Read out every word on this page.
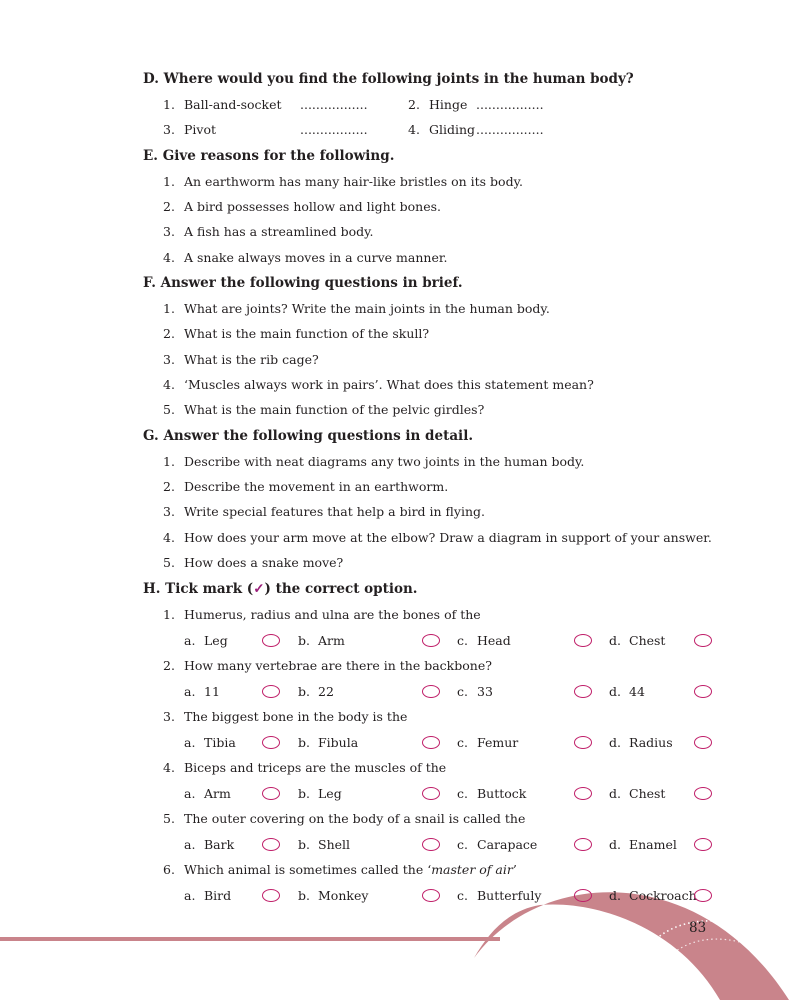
D. Where would you find the following joints in the human body?
1. Ball-and-socket .................	2. Hinge .................
3. Pivot	.................	4. Gliding .................
E. Give reasons for the following.
1. An earthworm has many hair-like bristles on its body.
2. A bird possesses hollow and light bones.
3. A fish has a streamlined body.
4. A snake always moves in a curve manner.
F. Answer the following questions in brief.
1. What are joints? Write the main joints in the human body.
2. What is the main function of the skull?
3. What is the rib cage?
4. ‘Muscles always work in pairs’. What does this statement mean?
5. What is the main function of the pelvic girdles?
G. Answer the following questions in detail.
1. Describe with neat diagrams any two joints in the human body.
2. Describe the movement in an earthworm.
3. Write special features that help a bird in flying.
4. How does your arm move at the elbow? Draw a diagram in support of your answer.
5. How does a snake move?
H. Tick mark (✓) the correct option.
1. Humerus, radius and ulna are the bones of the
a. Leg	b. Arm	c. Head	d. Chest
2. How many vertebrae are there in the backbone?
a. 11	b. 22	c. 33	d. 44
3. The biggest bone in the body is the
a. Tibia	b. Fibula	c. Femur	d. Radius
4. Biceps and triceps are the muscles of the
a. Arm	b. Leg	c. Buttock	d. Chest
5. The outer covering on the body of a snail is called the
a. Bark	b. Shell	c. Carapace	d. Enamel
6. Which animal is sometimes called the ‘master of air’
a. Bird	b. Monkey	c. Butterfuly	d. Cockroach
83
